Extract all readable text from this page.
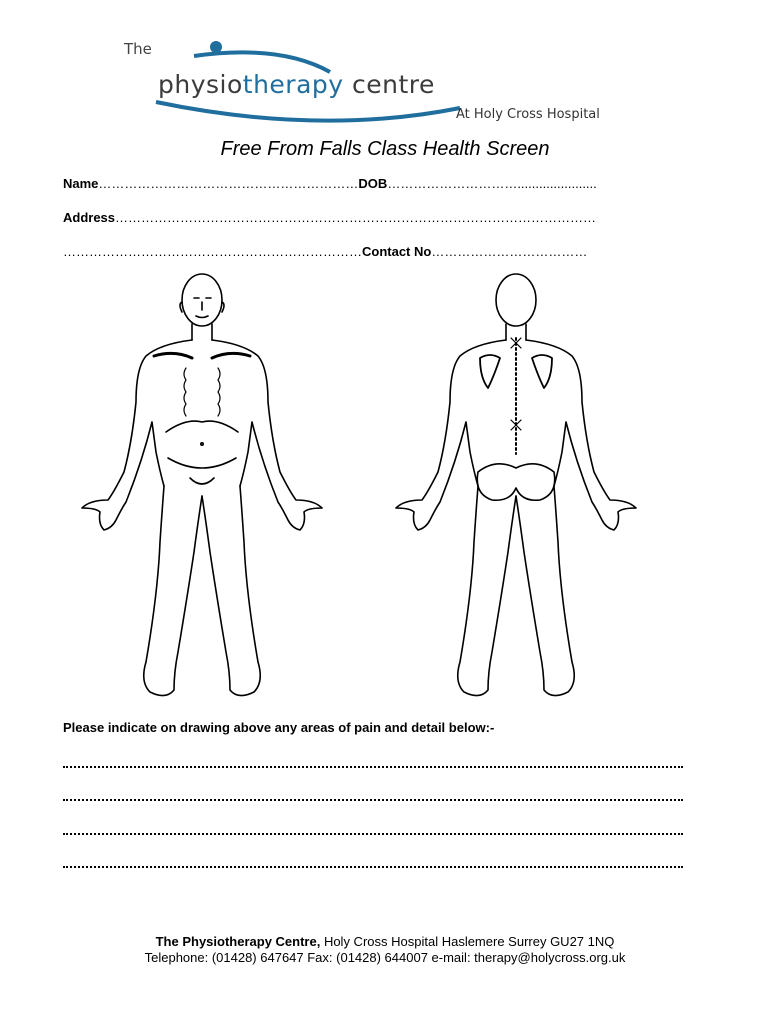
The
physiotherapy centre
At Holy Cross Hospital
Free From Falls Class Health Screen
Name……………………………………………………DOB…………………………......................
Address…………………………………………………………………………………………………
……………………………………………………………Contact No………………………………
Please indicate on drawing above any areas of pain and detail below:-
The Physiotherapy Centre, Holy Cross Hospital Haslemere Surrey GU27 1NQ
Telephone: (01428) 647647 Fax: (01428) 644007 e-mail: therapy@holycross.org.uk
